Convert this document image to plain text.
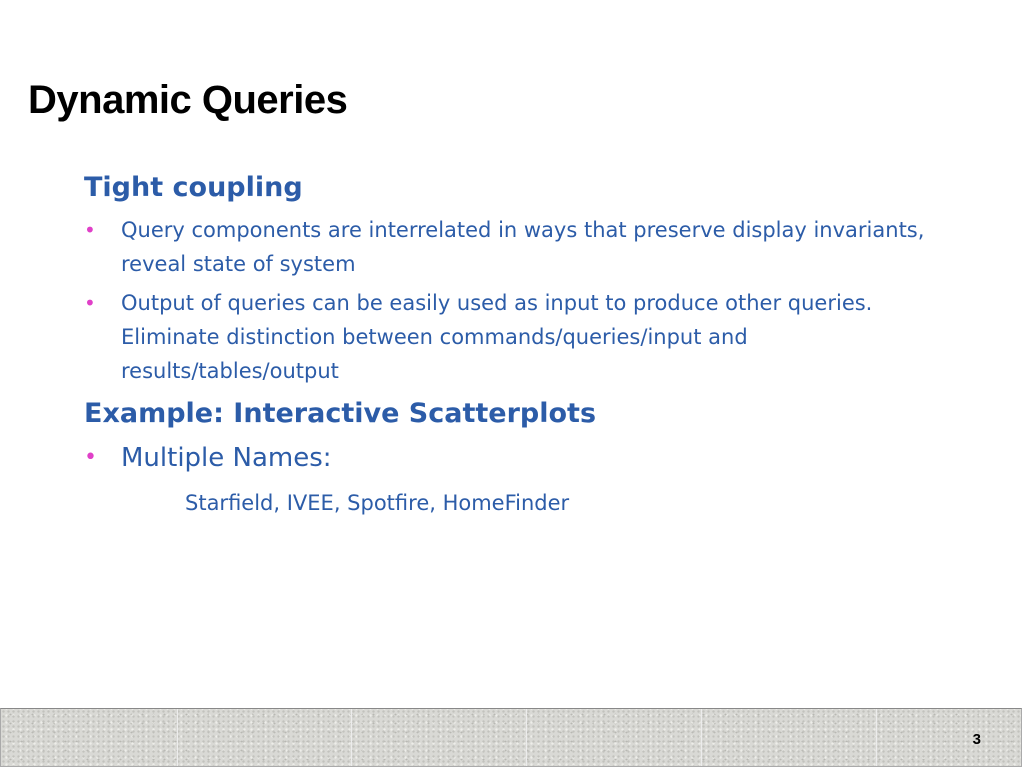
Dynamic Queries
Tight coupling
• Query components are interrelated in ways that preserve display invariants, reveal state of system
• Output of queries can be easily used as input to produce other queries. Eliminate distinction between commands/queries/input and results/tables/output
Example: Interactive Scatterplots
• Multiple Names:
Starfield, IVEE, Spotfire, HomeFinder
3
